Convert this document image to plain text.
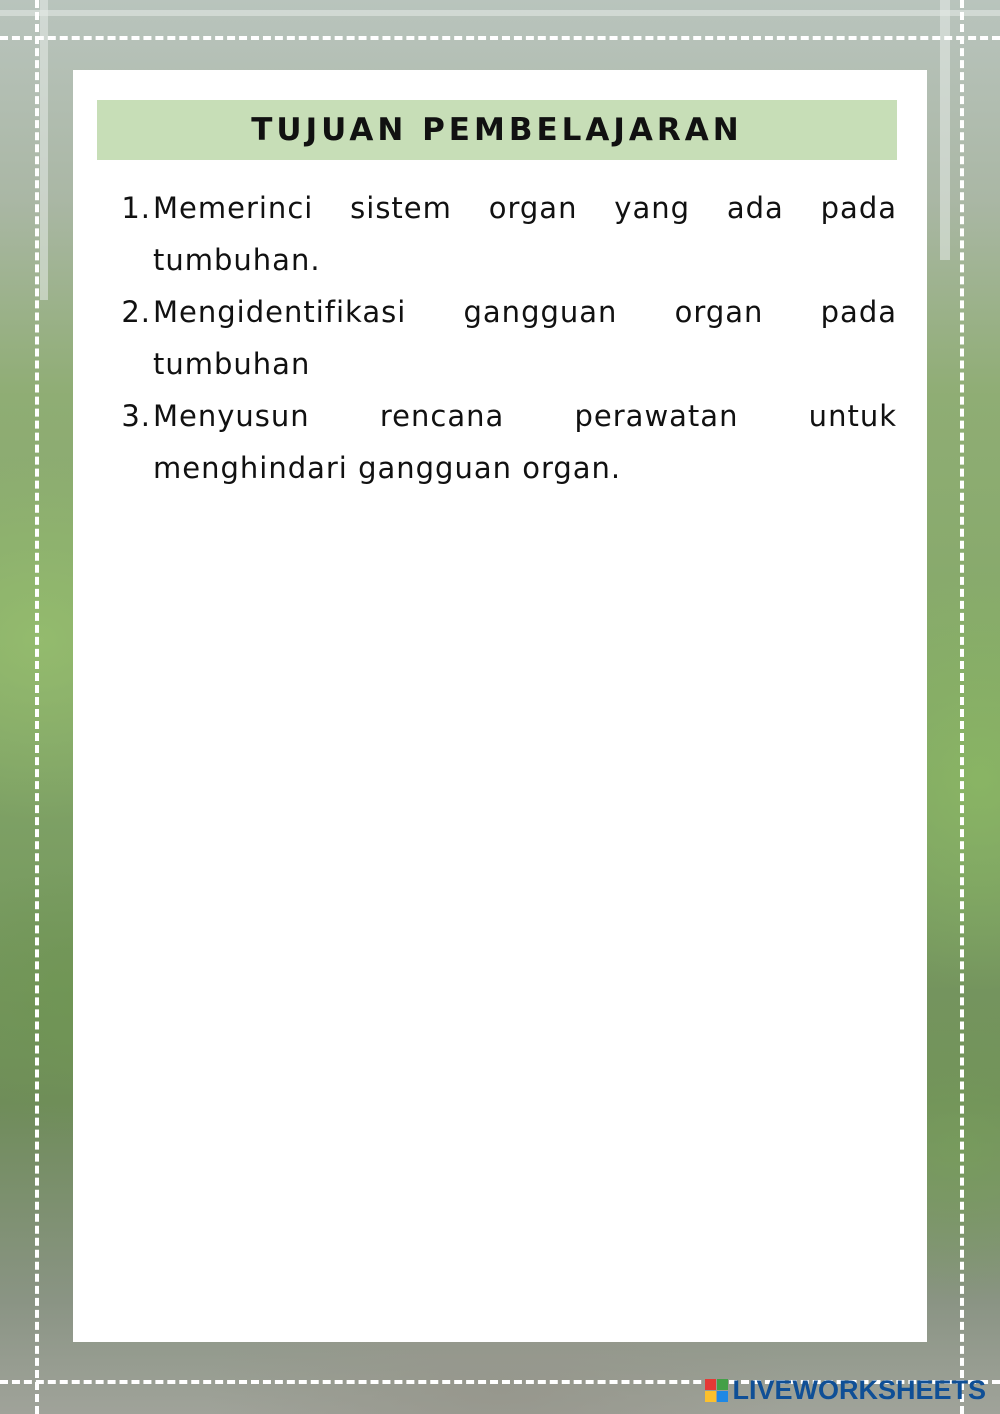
TUJUAN PEMBELAJARAN
1. Memerinci sistem organ yang ada pada tumbuhan.
2. Mengidentifikasi gangguan organ pada tumbuhan
3. Menyusun rencana perawatan untuk menghindari gangguan organ.
LIVEWORKSHEETS
